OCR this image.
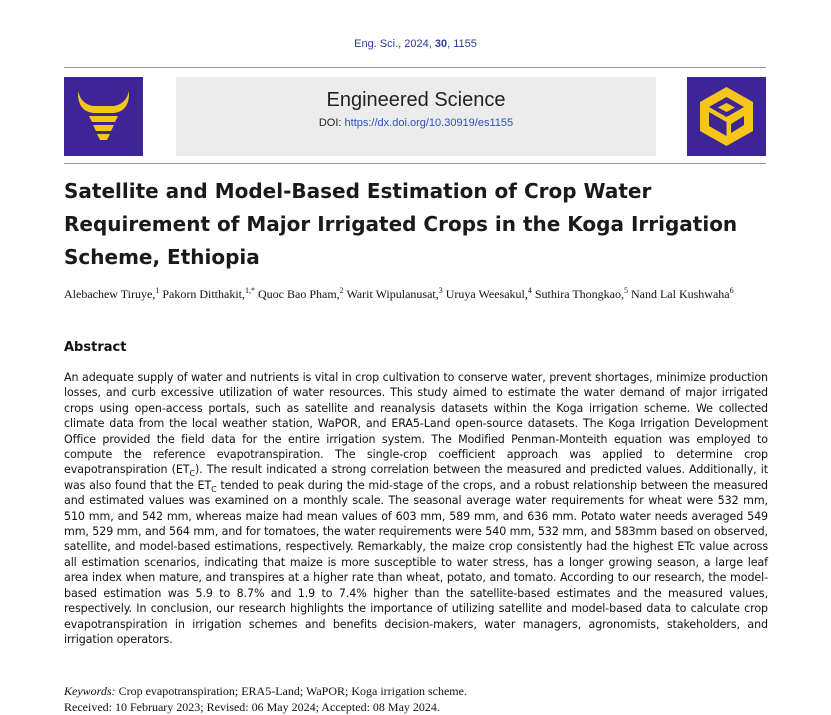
Eng. Sci., 2024, 30, 1155
Engineered Science
DOI: https://dx.doi.org/10.30919/es1155
Satellite and Model-Based Estimation of Crop Water Requirement of Major Irrigated Crops in the Koga Irrigation Scheme, Ethiopia
Alebachew Tiruye,$^1$ Pakorn Ditthakit,$^{1,*}$ Quoc Bao Pham,$^2$ Warit Wipulanusat,$^3$ Uruya Weesakul,$^4$ Suthira Thongkao,$^5$ Nand Lal Kushwaha$^6$
Abstract
An adequate supply of water and nutrients is vital in crop cultivation to conserve water, prevent shortages, minimize production losses, and curb excessive utilization of water resources. This study aimed to estimate the water demand of major irrigated crops using open-access portals, such as satellite and reanalysis datasets within the Koga irrigation scheme. We collected climate data from the local weather station, WaPOR, and ERA5-Land open-source datasets. The Koga Irrigation Development Office provided the field data for the entire irrigation system. The Modified Penman-Monteith equation was employed to compute the reference evapotranspiration. The single-crop coefficient approach was applied to determine crop evapotranspiration $(ET_C)$. The result indicated a strong correlation between the measured and predicted values. Additionally, it was also found that the $ET_C$ tended to peak during the mid-stage of the crops, and a robust relationship between the measured and estimated values was examined on a monthly scale. The seasonal average water requirements for wheat were 532 mm, 510 mm, and 542 mm, whereas maize had mean values of 603 mm, 589 mm, and 636 mm. Potato water needs averaged 549 mm, 529 mm, and 564 mm, and for tomatoes, the water requirements were 540 mm, 532 mm, and 583mm based on observed, satellite, and model-based estimations, respectively. Remarkably, the maize crop consistently had the highest ETc value across all estimation scenarios, indicating that maize is more susceptible to water stress, has a longer growing season, a large leaf area index when mature, and transpires at a higher rate than wheat, potato, and tomato. According to our research, the model-based estimation was 5.9 to 8.7% and 1.9 to 7.4% higher than the satellite-based estimates and the measured values, respectively. In conclusion, our research highlights the importance of utilizing satellite and model-based data to calculate crop evapotranspiration in irrigation schemes and benefits decision-makers, water managers, agronomists, stakeholders, and irrigation operators.
Keywords: Crop evapotranspiration; ERA5-Land; WaPOR; Koga irrigation scheme.
Received: 10 February 2023; Revised: 06 May 2024; Accepted: 08 May 2024.
